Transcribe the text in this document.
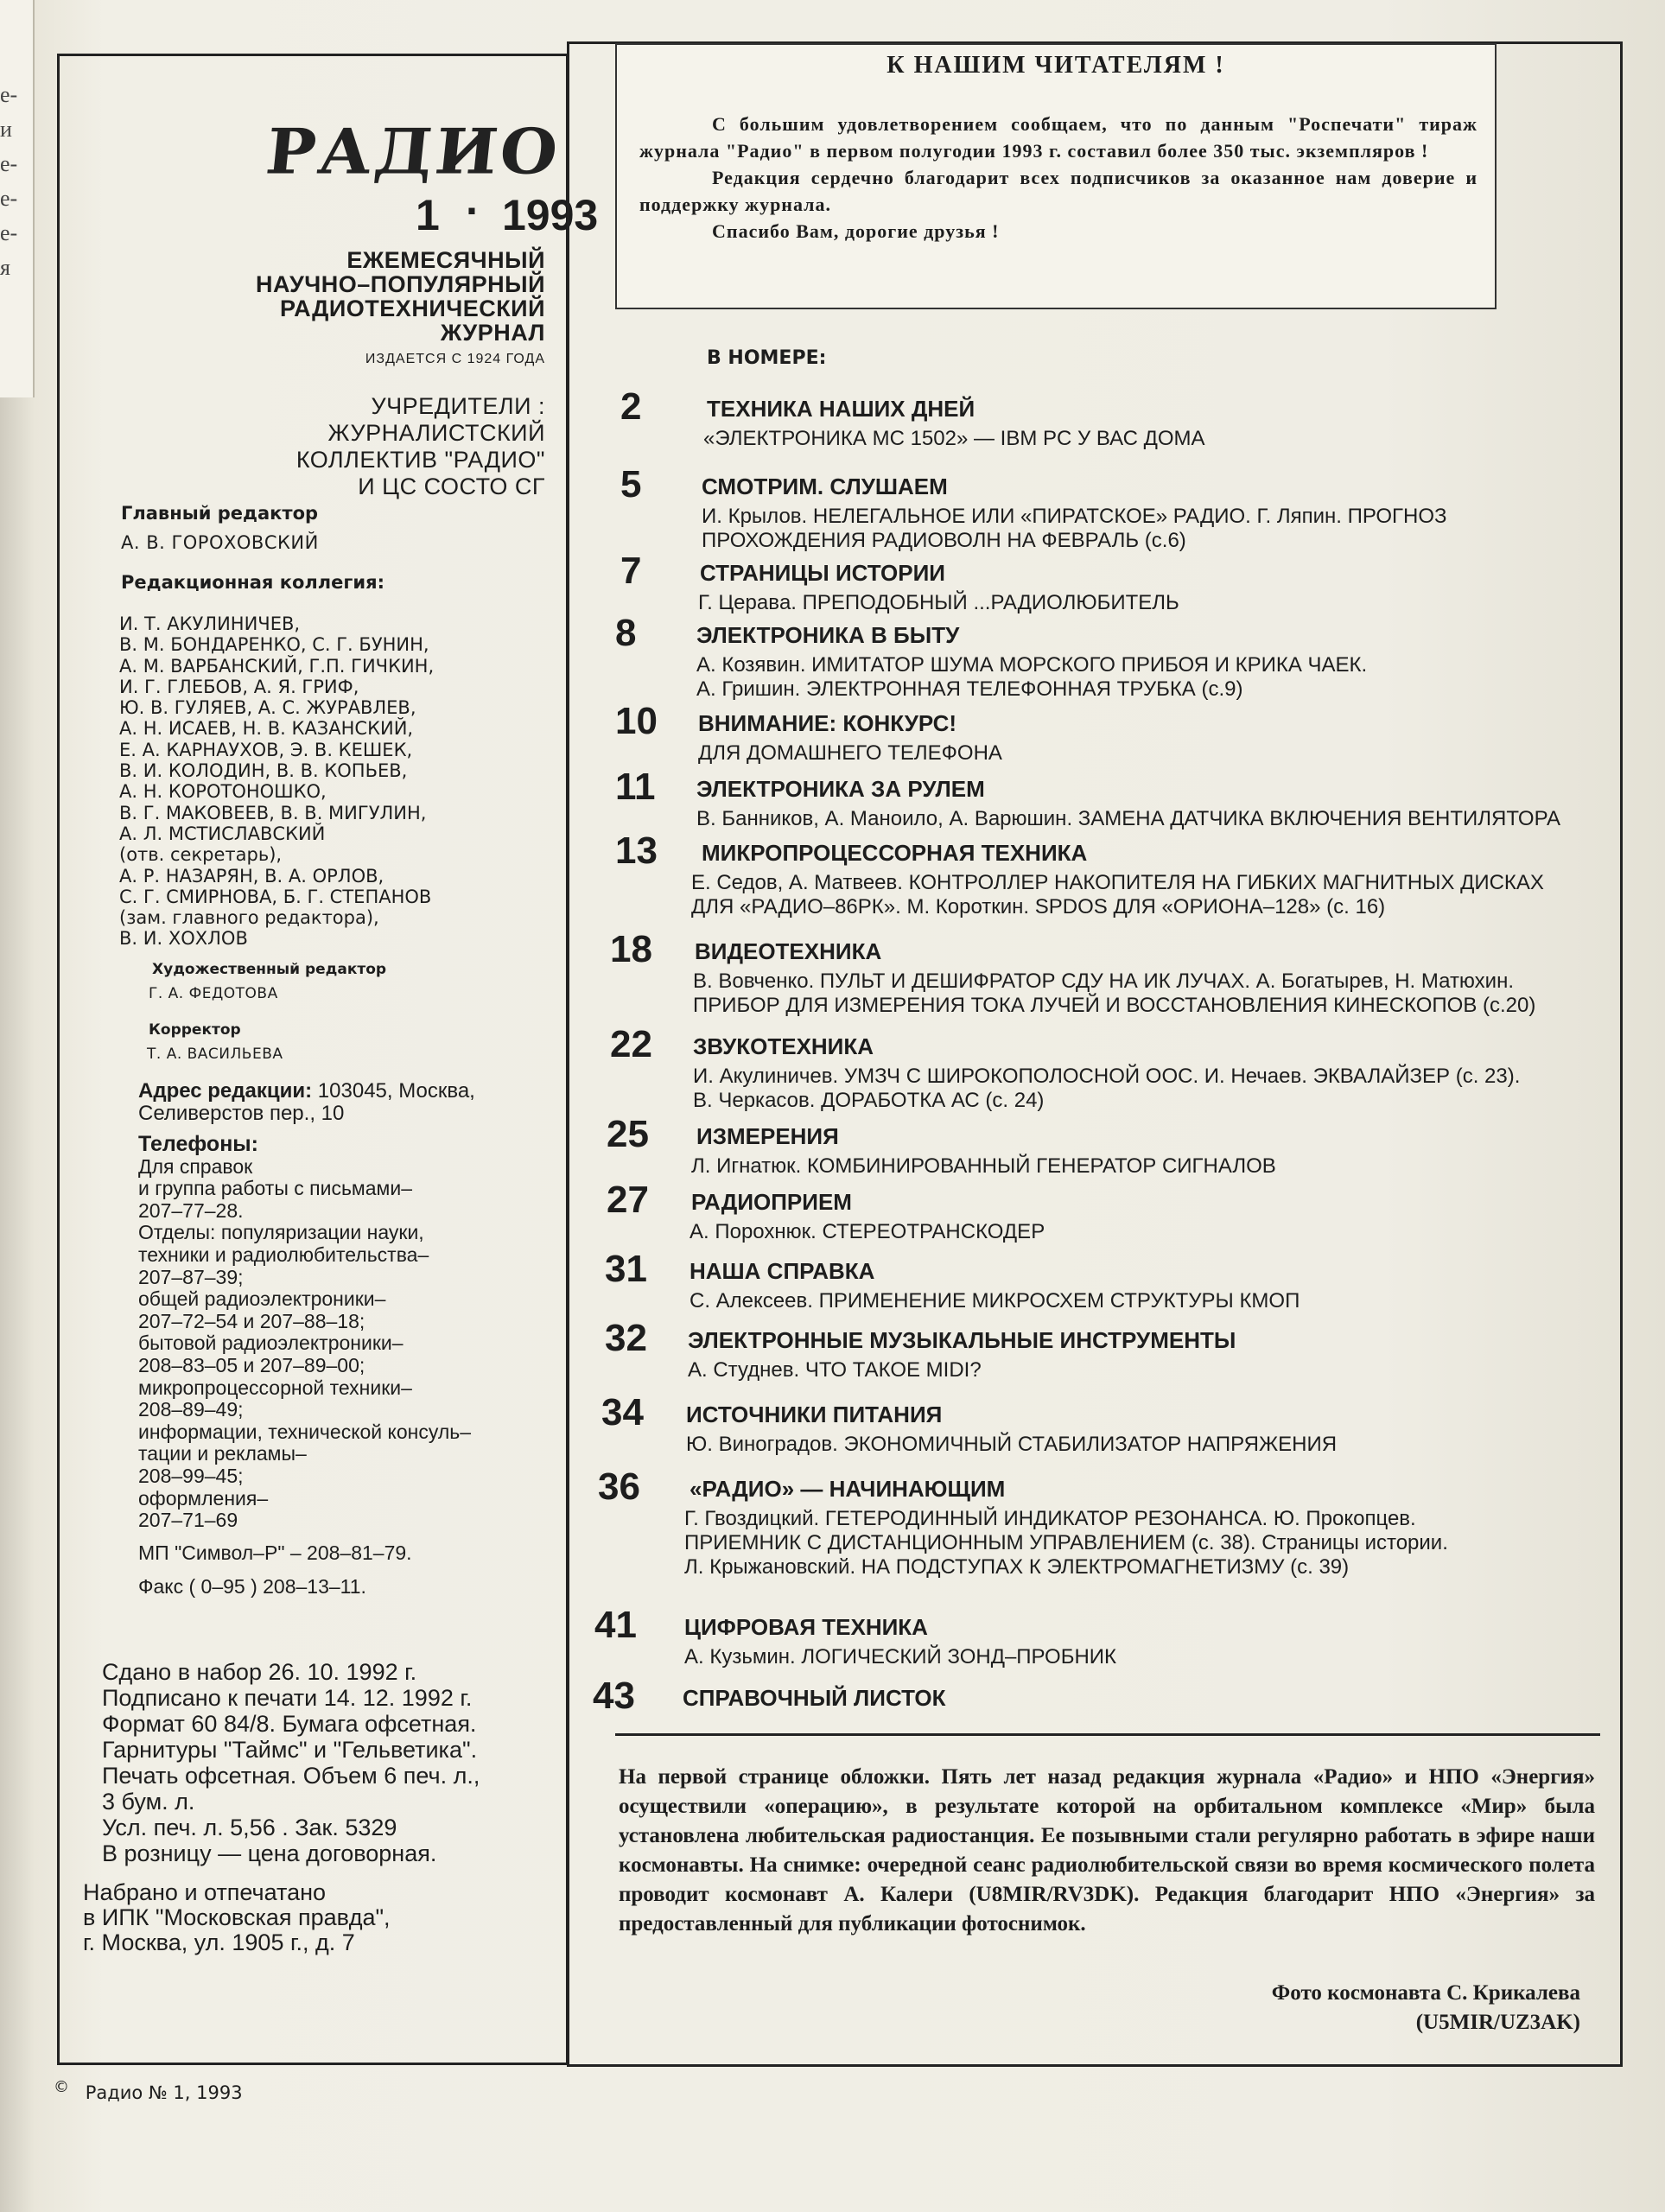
е-
и
е-
е-
е-
я
РАДИО
1 · 1993
ЕЖЕМЕСЯЧНЫЙ
НАУЧНО–ПОПУЛЯРНЫЙ
РАДИОТЕХНИЧЕСКИЙ
ЖУРНАЛ
ИЗДАЕТСЯ С 1924 ГОДА
УЧРЕДИТЕЛИ :
ЖУРНАЛИСТСКИЙ
КОЛЛЕКТИВ "РАДИО"
И ЦС СОСТО СГ
Главный редактор
А. В. ГОРОХОВСКИЙ
Редакционная коллегия:
И. Т. АКУЛИНИЧЕВ,
В. М. БОНДАРЕНКО, С. Г. БУНИН,
А. М. ВАРБАНСКИЙ, Г.П. ГИЧКИН,
И. Г. ГЛЕБОВ, А. Я. ГРИФ,
Ю. В. ГУЛЯЕВ, А. С. ЖУРАВЛЕВ,
А. Н. ИСАЕВ, Н. В. КАЗАНСКИЙ,
Е. А. КАРНАУХОВ, Э. В. КЕШЕК,
В. И. КОЛОДИН, В. В. КОПЬЕВ,
А. Н. КОРОТОНОШКО,
В. Г. МАКОВЕЕВ, В. В. МИГУЛИН,
А. Л. МСТИСЛАВСКИЙ
(отв. секретарь),
А. Р. НАЗАРЯН, В. А. ОРЛОВ,
С. Г. СМИРНОВА, Б. Г. СТЕПАНОВ
(зам. главного редактора),
В. И. ХОХЛОВ
Художественный редактор
Г. А. ФЕДОТОВА
Корректор
Т. А. ВАСИЛЬЕВА
Адрес редакции: 103045, Москва,
Селиверстов пер., 10
Телефоны:
Для справок
и группа работы с письмами–
207–77–28.
Отделы: популяризации науки,
техники и радиолюбительства–
207–87–39;
общей радиоэлектроники–
207–72–54 и 207–88–18;
бытовой радиоэлектроники–
208–83–05 и 207–89–00;
микропроцессорной техники–
208–89–49;
информации, технической консуль–
тации и рекламы–
208–99–45;
оформления–
207–71–69
МП "Символ–Р" – 208–81–79.
Факс ( 0–95 ) 208–13–11.
Сдано в набор 26. 10. 1992 г.
Подписано к печати 14. 12. 1992 г.
Формат 60 84/8. Бумага офсетная.
Гарнитуры "Таймс" и "Гельветика".
Печать офсетная. Объем 6 печ. л.,
3 бум. л.
Усл. печ. л. 5,56 . Зак. 5329
В розницу — цена договорная.
Набрано и отпечатано
в ИПК "Московская правда",
г. Москва, ул. 1905 г., д. 7
© Радио № 1, 1993
К НАШИМ ЧИТАТЕЛЯМ !

С большим удовлетворением сообщаем, что по данным "Роспечати" тираж журнала "Радио" в первом полугодии 1993 г. составил более 350 тыс. экземпляров !

Редакция сердечно благодарит всех подписчиков за оказанное нам доверие и поддержку журнала.

Спасибо Вам, дорогие друзья !

В НОМЕРЕ:
2	ТЕХНИКА НАШИХ ДНЕЙ
«ЭЛЕКТРОНИКА МС 1502» — IBM PC У ВАС ДОМА
5	СМОТРИМ. СЛУШАЕМ
И. Крылов. НЕЛЕГАЛЬНОЕ ИЛИ «ПИРАТСКОЕ» РАДИО. Г. Ляпин. ПРОГНОЗ
ПРОХОЖДЕНИЯ РАДИОВОЛН НА ФЕВРАЛЬ (с.6)
7	СТРАНИЦЫ ИСТОРИИ
Г. Церавa. ПРЕПОДОБНЫЙ ...РАДИОЛЮБИТЕЛЬ
8	ЭЛЕКТРОНИКА В БЫТУ
А. Козявин. ИМИТАТОР ШУМА МОРСКОГО ПРИБОЯ И КРИКА ЧАЕК.
А. Гришин. ЭЛЕКТРОННАЯ ТЕЛЕФОННАЯ ТРУБКА (с.9)
10 ВНИМАНИЕ: КОНКУРС!
ДЛЯ ДОМАШНЕГО ТЕЛЕФОНА
11 ЭЛЕКТРОНИКА ЗА РУЛЕМ
В. Банников, А. Маноило, А. Варюшин. ЗАМЕНА ДАТЧИКА ВКЛЮЧЕНИЯ ВЕНТИЛЯТОРА
13 МИКРОПРОЦЕССОРНАЯ ТЕХНИКА
Е. Седов, А. Матвеев. КОНТРОЛЛЕР НАКОПИТЕЛЯ НА ГИБКИХ МАГНИТНЫХ ДИСКАХ
ДЛЯ «РАДИО–86РК». М. Короткин. SPDOS ДЛЯ «ОРИОНА–128» (с. 16)
18 ВИДЕОТЕХНИКА
В. Вовченко. ПУЛЬТ И ДЕШИФРАТОР СДУ НА ИК ЛУЧАХ. А. Богатырев, Н. Матюхин.
ПРИБОР ДЛЯ ИЗМЕРЕНИЯ ТОКА ЛУЧЕЙ И ВОССТАНОВЛЕНИЯ КИНЕСКОПОВ (с.20)
22 ЗВУКОТЕХНИКА
И. Акулиничев. УМЗЧ С ШИРОКОПОЛОСНОЙ ООС. И. Нечаев. ЭКВАЛАЙЗЕР (с. 23).
В. Черкасов. ДОРАБОТКА АС (с. 24)
25 ИЗМЕРЕНИЯ
Л. Игнатюк. КОМБИНИРОВАННЫЙ ГЕНЕРАТОР СИГНАЛОВ
27 РАДИОПРИЕМ
А. Порохнюк. СТЕРЕОТРАНСКОДЕР
31 НАША СПРАВКА
С. Алексеев. ПРИМЕНЕНИЕ МИКРОСХЕМ СТРУКТУРЫ КМОП
32 ЭЛЕКТРОННЫЕ МУЗЫКАЛЬНЫЕ ИНСТРУМЕНТЫ
А. Студнев. ЧТО ТАКОЕ MIDI?
34 ИСТОЧНИКИ ПИТАНИЯ
Ю. Виноградов. ЭКОНОМИЧНЫЙ СТАБИЛИЗАТОР НАПРЯЖЕНИЯ
36 «РАДИО» — НАЧИНАЮЩИМ
Г. Гвоздицкий. ГЕТЕРОДИННЫЙ ИНДИКАТОР РЕЗОНАНСА. Ю. Прокопцев.
ПРИЕМНИК С ДИСТАНЦИОННЫМ УПРАВЛЕНИЕМ (с. 38). Страницы истории.
Л. Крыжановский. НА ПОДСТУПАХ К ЭЛЕКТРОМАГНЕТИЗМУ (с. 39)
41 ЦИФРОВАЯ ТЕХНИКА
А. Кузьмин. ЛОГИЧЕСКИЙ ЗОНД–ПРОБНИК
43 СПРАВОЧНЫЙ ЛИСТОК
На первой странице обложки. Пять лет назад редакция журнала «Радио» и НПО «Энергия» осуществили «операцию», в результате которой на орбитальном комплексе «Мир» была установлена любительская радиостанция. Ее позывными стали регулярно работать в эфире наши космонавты. На снимке: очередной сеанс радиолюбительской связи во время космического полета проводит космонавт А. Калери (U8MIR/RV3DK). Редакция благодарит НПО «Энергия» за предоставленный для публикации фотоснимок.
Фото космонавта С. Крикалева
(U5MIR/UZ3AK)
